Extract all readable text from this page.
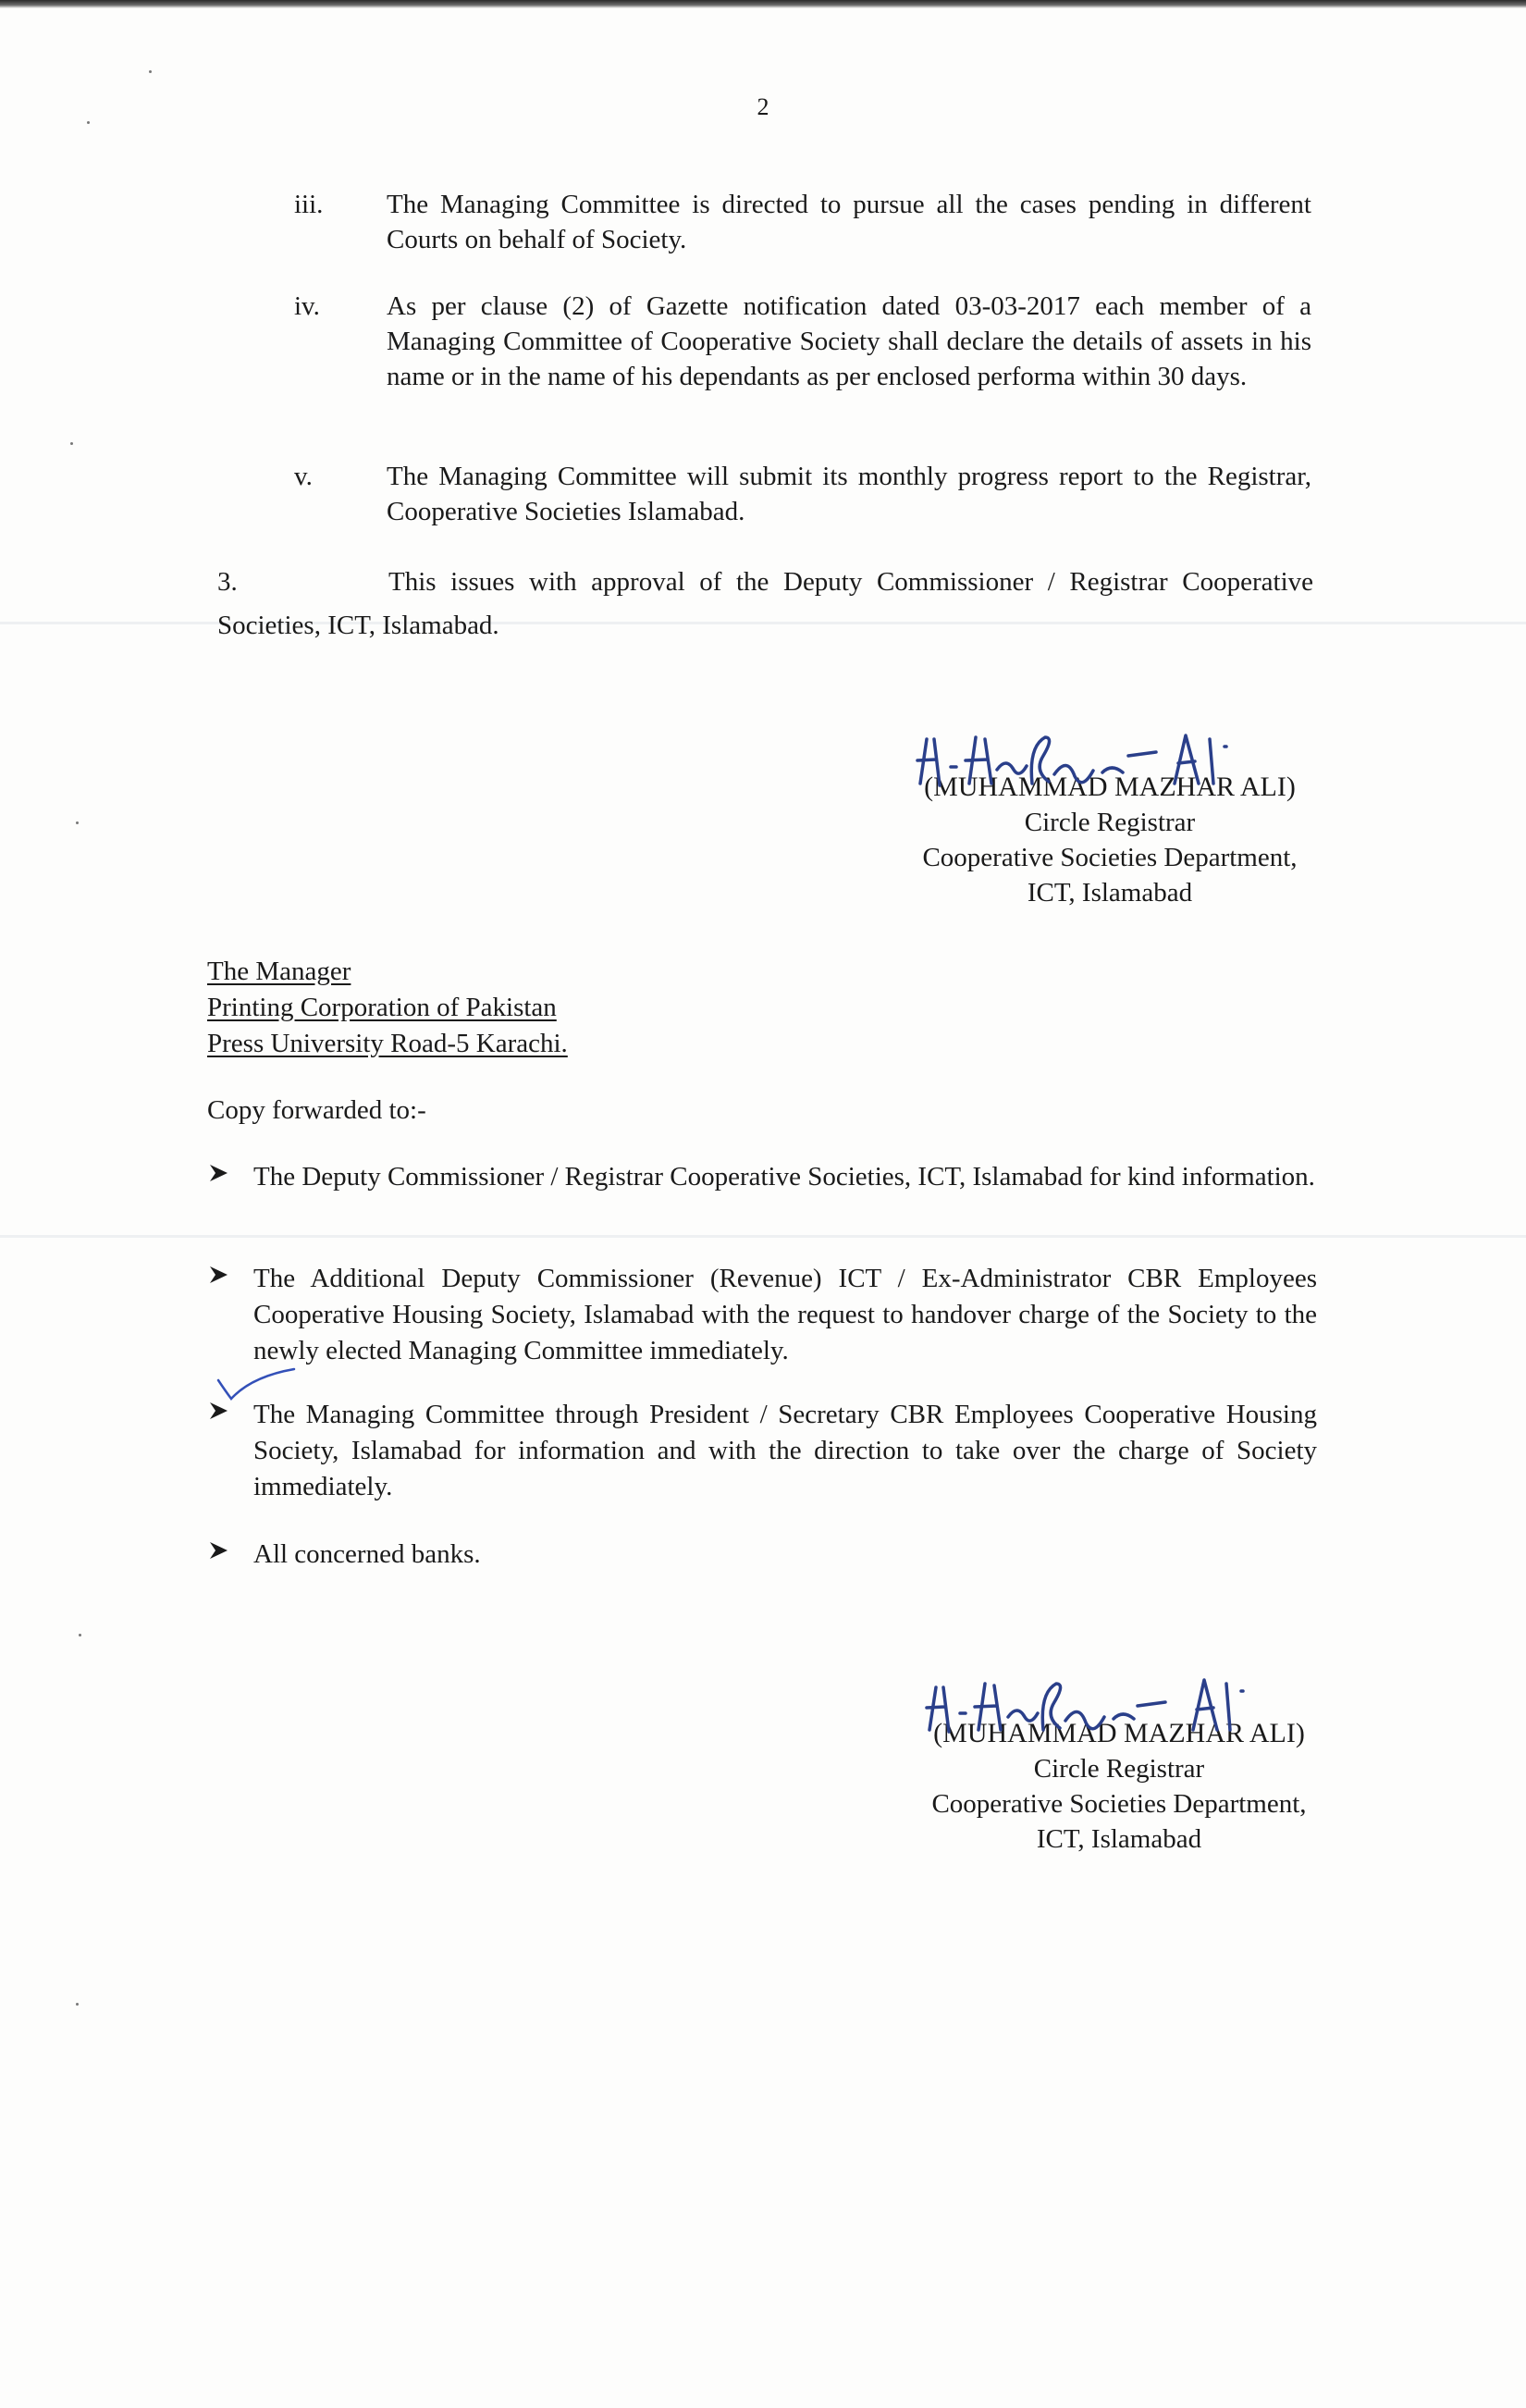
2
iii. The Managing Committee is directed to pursue all the cases pending in different Courts on behalf of Society.
iv. As per clause (2) of Gazette notification dated 03-03-2017 each member of a Managing Committee of Cooperative Society shall declare the details of assets in his name or in the name of his dependants as per enclosed performa within 30 days.
v.	The Managing Committee will submit its monthly progress report to the Registrar, Cooperative Societies Islamabad.
3.	This issues with approval of the Deputy Commissioner / Registrar Cooperative Societies, ICT, Islamabad.
(MUHAMMAD MAZHAR ALI)
Circle Registrar
Cooperative Societies Department,
ICT, Islamabad
The Manager
Printing Corporation of Pakistan
Press University Road-5 Karachi.
Copy forwarded to:-
The Deputy Commissioner / Registrar Cooperative Societies, ICT, Islamabad for kind information.
The Additional Deputy Commissioner (Revenue) ICT / Ex-Administrator CBR Employees Cooperative Housing Society, Islamabad with the request to handover charge of the Society to the newly elected Managing Committee immediately.
The Managing Committee through President / Secretary CBR Employees Cooperative Housing Society, Islamabad for information and with the direction to take over the charge of Society immediately.
All concerned banks.
(MUHAMMAD MAZHAR ALI)
Circle Registrar
Cooperative Societies Department,
ICT, Islamabad
